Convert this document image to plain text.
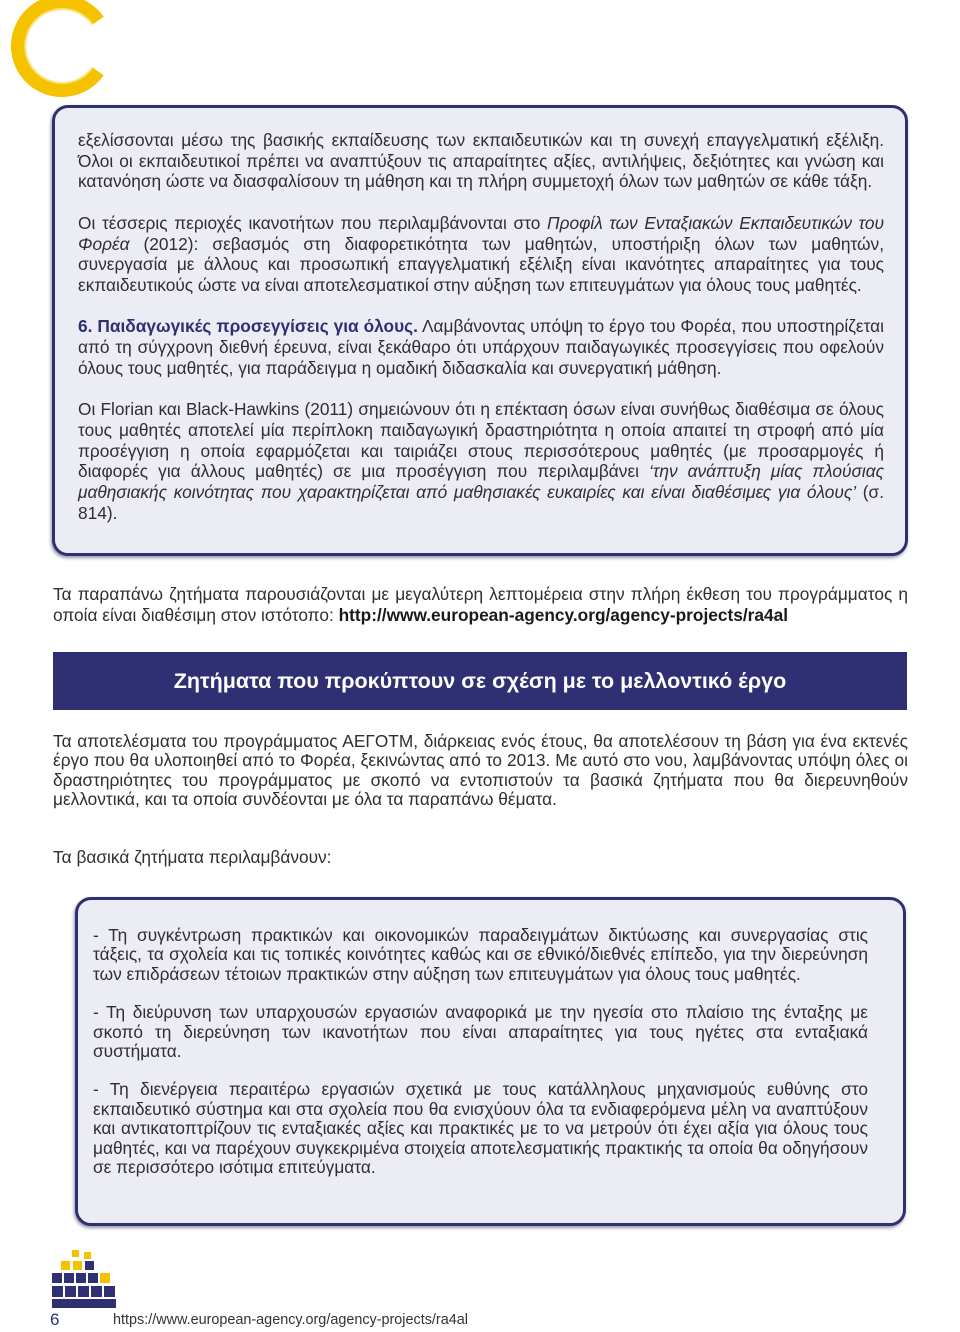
εξελίσσονται μέσω της βασικής εκπαίδευσης των εκπαιδευτικών και τη συνεχή επαγγελματική εξέλιξη. Όλοι οι εκπαιδευτικοί πρέπει να αναπτύξουν τις απαραίτητες αξίες, αντιλήψεις, δεξιότητες και γνώση και κατανόηση ώστε να διασφαλίσουν τη μάθηση και τη πλήρη συμμετοχή όλων των μαθητών σε κάθε τάξη.

Οι τέσσερις περιοχές ικανοτήτων που περιλαμβάνονται στο Προφίλ των Ενταξιακών Εκπαιδευτικών του Φορέα (2012): σεβασμός στη διαφορετικότητα των μαθητών, υποστήριξη όλων των μαθητών, συνεργασία με άλλους και προσωπική επαγγελματική εξέλιξη είναι ικανότητες απαραίτητες για τους εκπαιδευτικούς ώστε να είναι αποτελεσματικοί στην αύξηση των επιτευγμάτων για όλους τους μαθητές.

6. Παιδαγωγικές προσεγγίσεις για όλους. Λαμβάνοντας υπόψη το έργο του Φορέα, που υποστηρίζεται από τη σύγχρονη διεθνή έρευνα, είναι ξεκάθαρο ότι υπάρχουν παιδαγωγικές προσεγγίσεις που οφελούν όλους τους μαθητές, για παράδειγμα η ομαδική διδασκαλία και συνεργατική μάθηση.

Οι Florian και Black-Hawkins (2011) σημειώνουν ότι η επέκταση όσων είναι συνήθως διαθέσιμα σε όλους τους μαθητές αποτελεί μία περίπλοκη παιδαγωγική δραστηριότητα η οποία απαιτεί τη στροφή από μία προσέγγιση η οποία εφαρμόζεται και ταιριάζει στους περισσότερους μαθητές (με προσαρμογές ή διαφορές για άλλους μαθητές) σε μια προσέγγιση που περιλαμβάνει ‘την ανάπτυξη μίας πλούσιας μαθησιακής κοινότητας που χαρακτηρίζεται από μαθησιακές ευκαιρίες και είναι διαθέσιμες για όλους’ (σ. 814).

Τα παραπάνω ζητήματα παρουσιάζονται με μεγαλύτερη λεπτομέρεια στην πλήρη έκθεση του προγράμματος η οποία είναι διαθέσιμη στον ιστότοπο: http://www.european-agency.org/agency-projects/ra4al

Ζητήματα που προκύπτουν σε σχέση με το μελλοντικό έργο

Τα αποτελέσματα του προγράμματος ΑΕΓΟΤΜ, διάρκειας ενός έτους, θα αποτελέσουν τη βάση για ένα εκτενές έργο που θα υλοποιηθεί από το Φορέα, ξεκινώντας από το 2013. Με αυτό στο νου, λαμβάνοντας υπόψη όλες οι δραστηριότητες του προγράμματος με σκοπό να εντοπιστούν τα βασικά ζητήματα που θα διερευνηθούν μελλοντικά, και τα οποία συνδέονται με όλα τα παραπάνω θέματα.

Τα βασικά ζητήματα περιλαμβάνουν:

- Τη συγκέντρωση πρακτικών και οικονομικών παραδειγμάτων δικτύωσης και συνεργασίας στις τάξεις, τα σχολεία και τις τοπικές κοινότητες καθώς και σε εθνικό/διεθνές επίπεδο, για την διερεύνηση των επιδράσεων τέτοιων πρακτικών στην αύξηση των επιτευγμάτων για όλους τους μαθητές.

- Τη διεύρυνση των υπαρχουσών εργασιών αναφορικά με την ηγεσία στο πλαίσιο της ένταξης με σκοπό τη διερεύνηση των ικανοτήτων που είναι απαραίτητες για τους ηγέτες στα ενταξιακά συστήματα.

- Τη διενέργεια περαιτέρω εργασιών σχετικά με τους κατάλληλους μηχανισμούς ευθύνης στο εκπαιδευτικό σύστημα και στα σχολεία που θα ενισχύουν όλα τα ενδιαφερόμενα μέλη να αναπτύξουν και αντικατοπτρίζουν τις ενταξιακές αξίες και πρακτικές με το να μετρούν ότι έχει αξία για όλους τους μαθητές, και να παρέχουν συγκεκριμένα στοιχεία αποτελεσματικής πρακτικής τα οποία θα οδηγήσουν σε περισσότερο ισότιμα επιτεύγματα.

6	https://www.european-agency.org/agency-projects/ra4al
